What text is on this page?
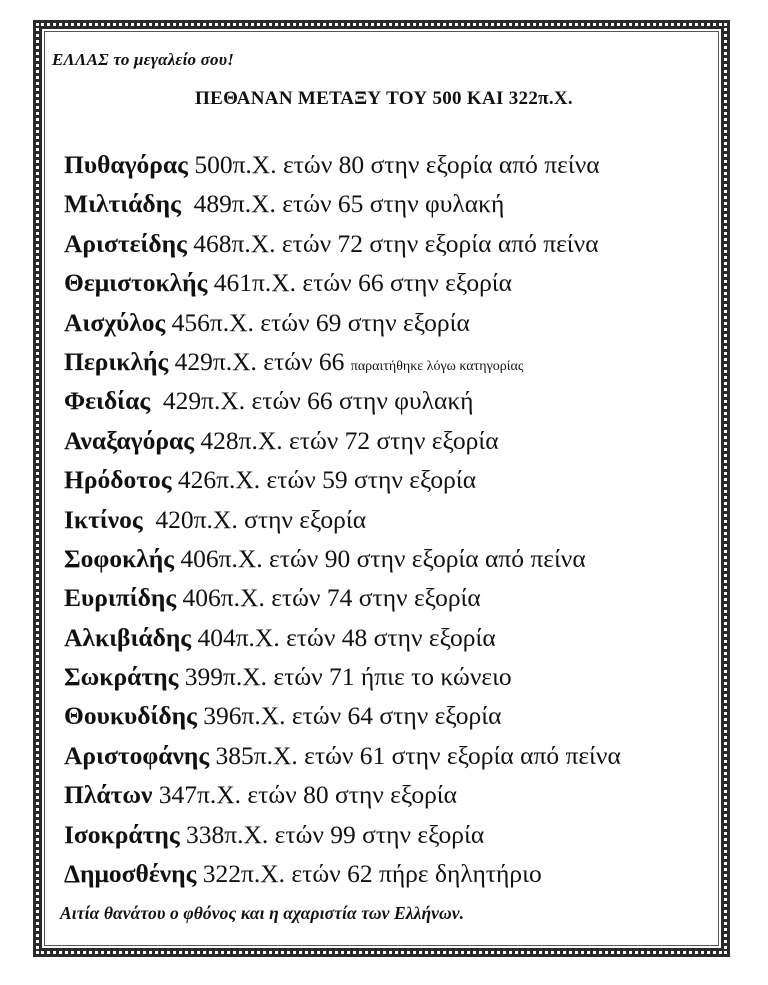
ΕΛΛΑΣ το μεγαλείο σου!
ΠΕΘΑΝΑΝ ΜΕΤΑΞΥ ΤΟΥ 500 ΚΑΙ 322π.Χ.
Πυθαγόρας 500π.Χ. ετών 80 στην εξορία από πείνα
Μιλτιάδης 489π.Χ. ετών 65 στην φυλακή
Αριστείδης 468π.Χ. ετών 72 στην εξορία από πείνα
Θεμιστοκλής 461π.Χ. ετών 66 στην εξορία
Αισχύλος 456π.Χ. ετών 69 στην εξορία
Περικλής 429π.Χ. ετών 66 παραιτήθηκε λόγω κατηγορίας
Φειδίας 429π.Χ. ετών 66 στην φυλακή
Αναξαγόρας 428π.Χ. ετών 72 στην εξορία
Ηρόδοτος 426π.Χ. ετών 59 στην εξορία
Ικτίνος 420π.Χ. στην εξορία
Σοφοκλής 406π.Χ. ετών 90 στην εξορία από πείνα
Ευριπίδης 406π.Χ. ετών 74 στην εξορία
Αλκιβιάδης 404π.Χ. ετών 48 στην εξορία
Σωκράτης 399π.Χ. ετών 71 ήπιε το κώνειο
Θουκυδίδης 396π.Χ. ετών 64 στην εξορία
Αριστοφάνης 385π.Χ. ετών 61 στην εξορία από πείνα
Πλάτων 347π.Χ. ετών 80 στην εξορία
Ισοκράτης 338π.Χ. ετών 99 στην εξορία
Δημοσθένης 322π.Χ. ετών 62 πήρε δηλητήριο
Αιτία θανάτου ο φθόνος και η αχαριστία των Ελλήνων.
